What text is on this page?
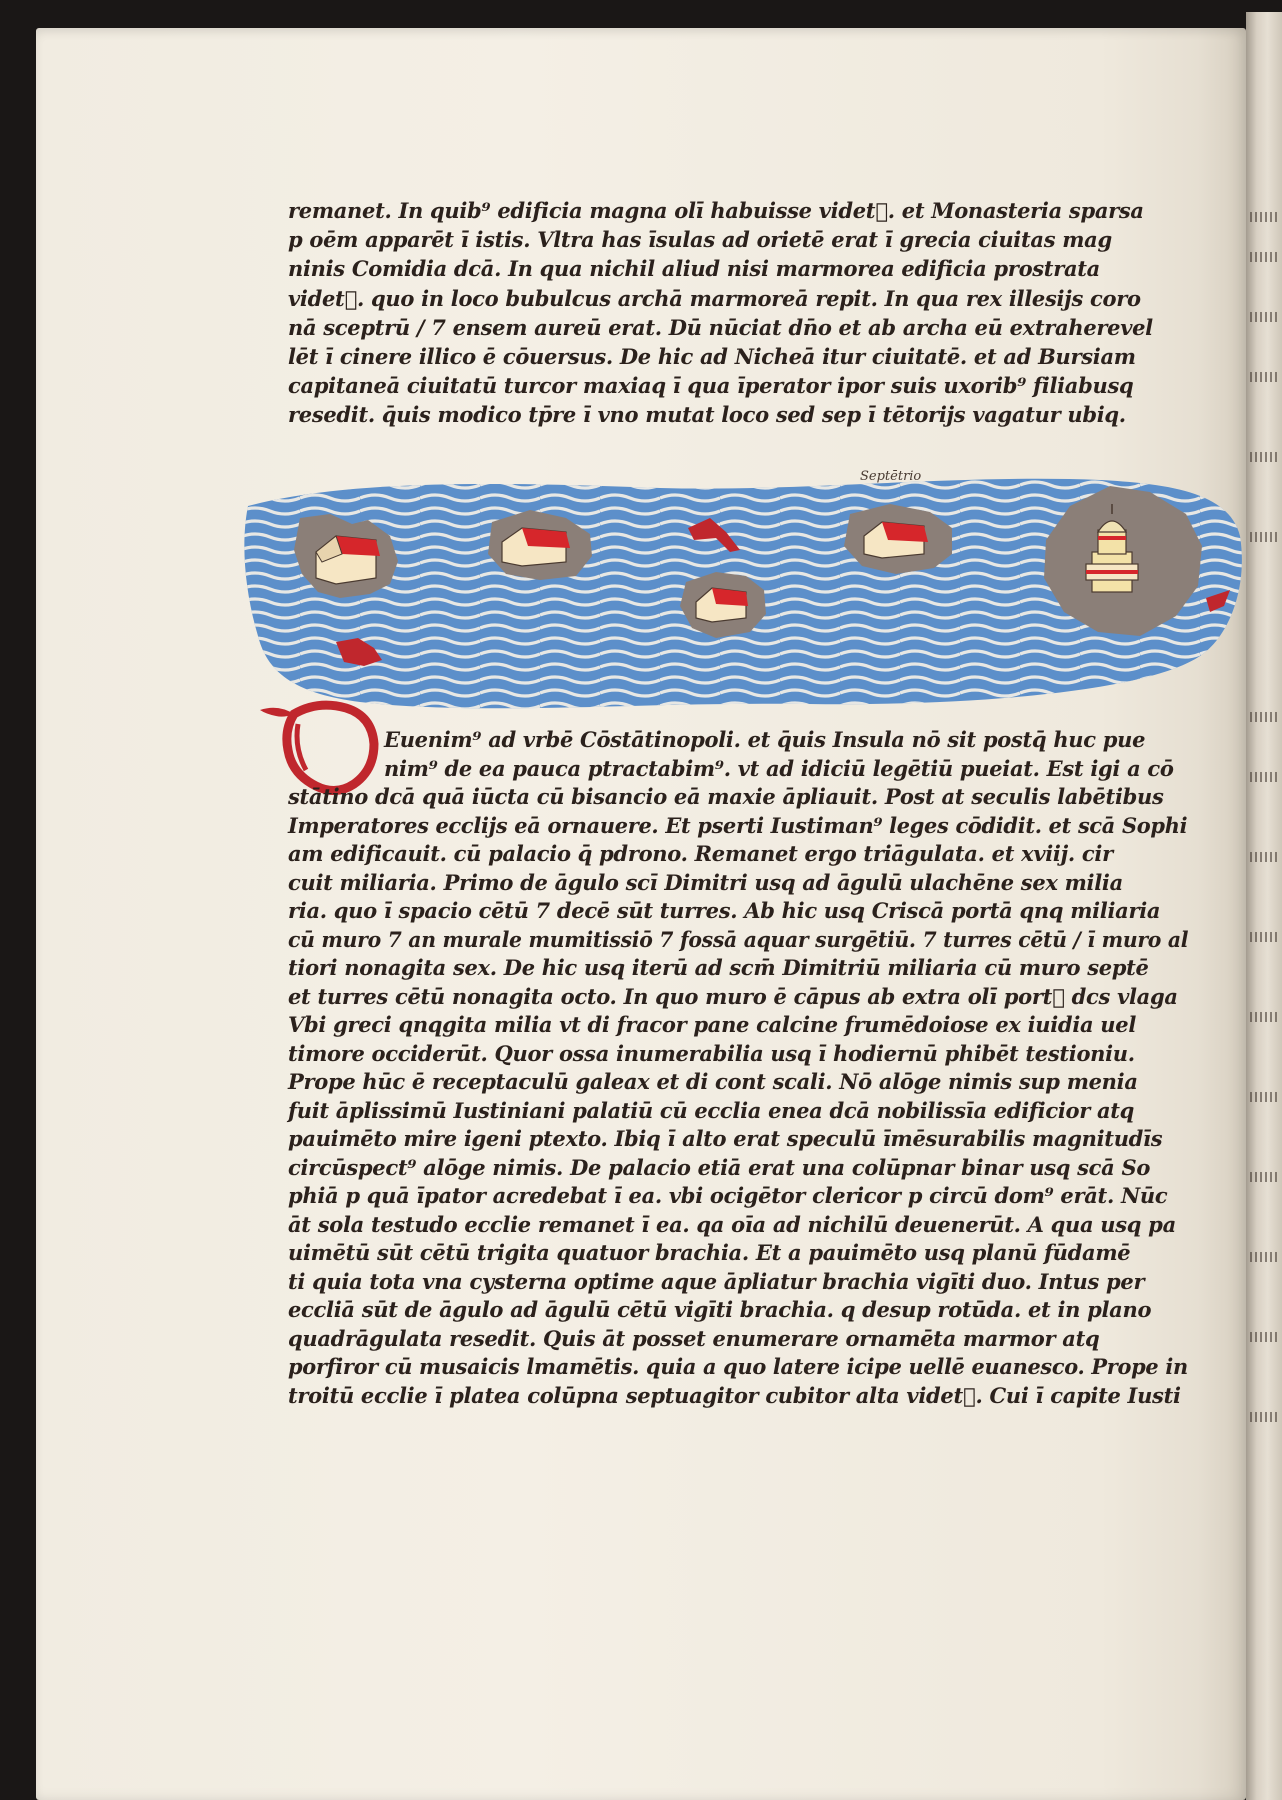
remanet. In quib⁹ edificia magna olī habuisse videt᷑. et Monasteria sparsa
p oēm apparēt ī istis. Vltra has īsulas ad orietē erat ī grecia ciuitas mag
ninis Comidia dcā. In qua nichil aliud nisi marmorea edificia prostrata
videt᷑. quo in loco bubulcus archā marmoreā repit. In qua rex illesijs coro
nā sceptrū / 7 ensem aureū erat. Dū nūciat dn̄o et ab archa eū extraherevel
lēt ī cinere illico ē cōuersus. De hic ad Nicheā itur ciuitatē. et ad Bursiam
capitaneā ciuitatū turcor maxiaq ī qua īperator ipor suis uxorib⁹ filiabusq
resedit. q̄uis modico tp̄re ī vno mutat loco sed sep ī tētorijs vagatur ubiq.
Septētrio
Euenim⁹ ad vrbē Cōstātinopoli. et q̄uis Insula nō sit postq̄ huc pue
nim⁹ de ea pauca ptractabim⁹. vt ad idiciū legētiū pueiat. Est igi a cō
stātino dcā quā iūcta cū bisancio eā maxie āpliauit. Post at seculis labētibus
Imperatores ecclijs eā ornauere. Et pserti Iustiman⁹ leges cōdidit. et scā Sophi
am edificauit. cū palacio q̄ pdrono. Remanet ergo triāgulata. et xviij. cir
cuit miliaria. Primo de āgulo scī Dimitri usq ad āgulū ulachēne sex milia
ria. quo ī spacio cētū 7 decē sūt turres. Ab hic usq Criscā portā qnq miliaria
cū muro 7 an murale mumitissiō 7 fossā aquar surgētiū. 7 turres cētū / ī muro al
tiori nonagita sex. De hic usq iterū ad scm̄ Dimitriū miliaria cū muro septē
et turres cētū nonagita octo. In quo muro ē cāpus ab extra olī port᷑ dcs vlaga
Vbi greci qnqgita milia vt di fracor pane calcine frumēdoiose ex iuidia uel
timore occiderūt. Quor ossa inumerabilia usq ī hodiernū phibēt testioniu.
Prope hūc ē receptaculū galeax et di cont scali. Nō alōge nimis sup menia
fuit āplissimū Iustiniani palatiū cū ecclia enea dcā nobilissīa edificior atq
pauimēto mire igeni ptexto. Ibiq ī alto erat speculū īmēsurabilis magnitudīs
circūspect⁹ alōge nimis. De palacio etiā erat una colūpnar binar usq scā So
phiā p quā īpator acredebat ī ea. vbi ocigētor clericor p circū dom⁹ erāt. Nūc
āt sola testudo ecclie remanet ī ea. qa oīa ad nichilū deuenerūt. A qua usq pa
uimētū sūt cētū trigita quatuor brachia. Et a pauimēto usq planū fūdamē
ti quia tota vna cysterna optime aque āpliatur brachia vigīti duo. Intus per
eccliā sūt de āgulo ad āgulū cētū vigīti brachia. q desup rotūda. et in plano
quadrāgulata resedit. Quis āt posset enumerare ornamēta marmor atq
porfiror cū musaicis lmamētis. quia a quo latere icipe uellē euanesco. Prope in
troitū ecclie ī platea colūpna septuagitor cubitor alta videt᷑. Cui ī capite Iusti
